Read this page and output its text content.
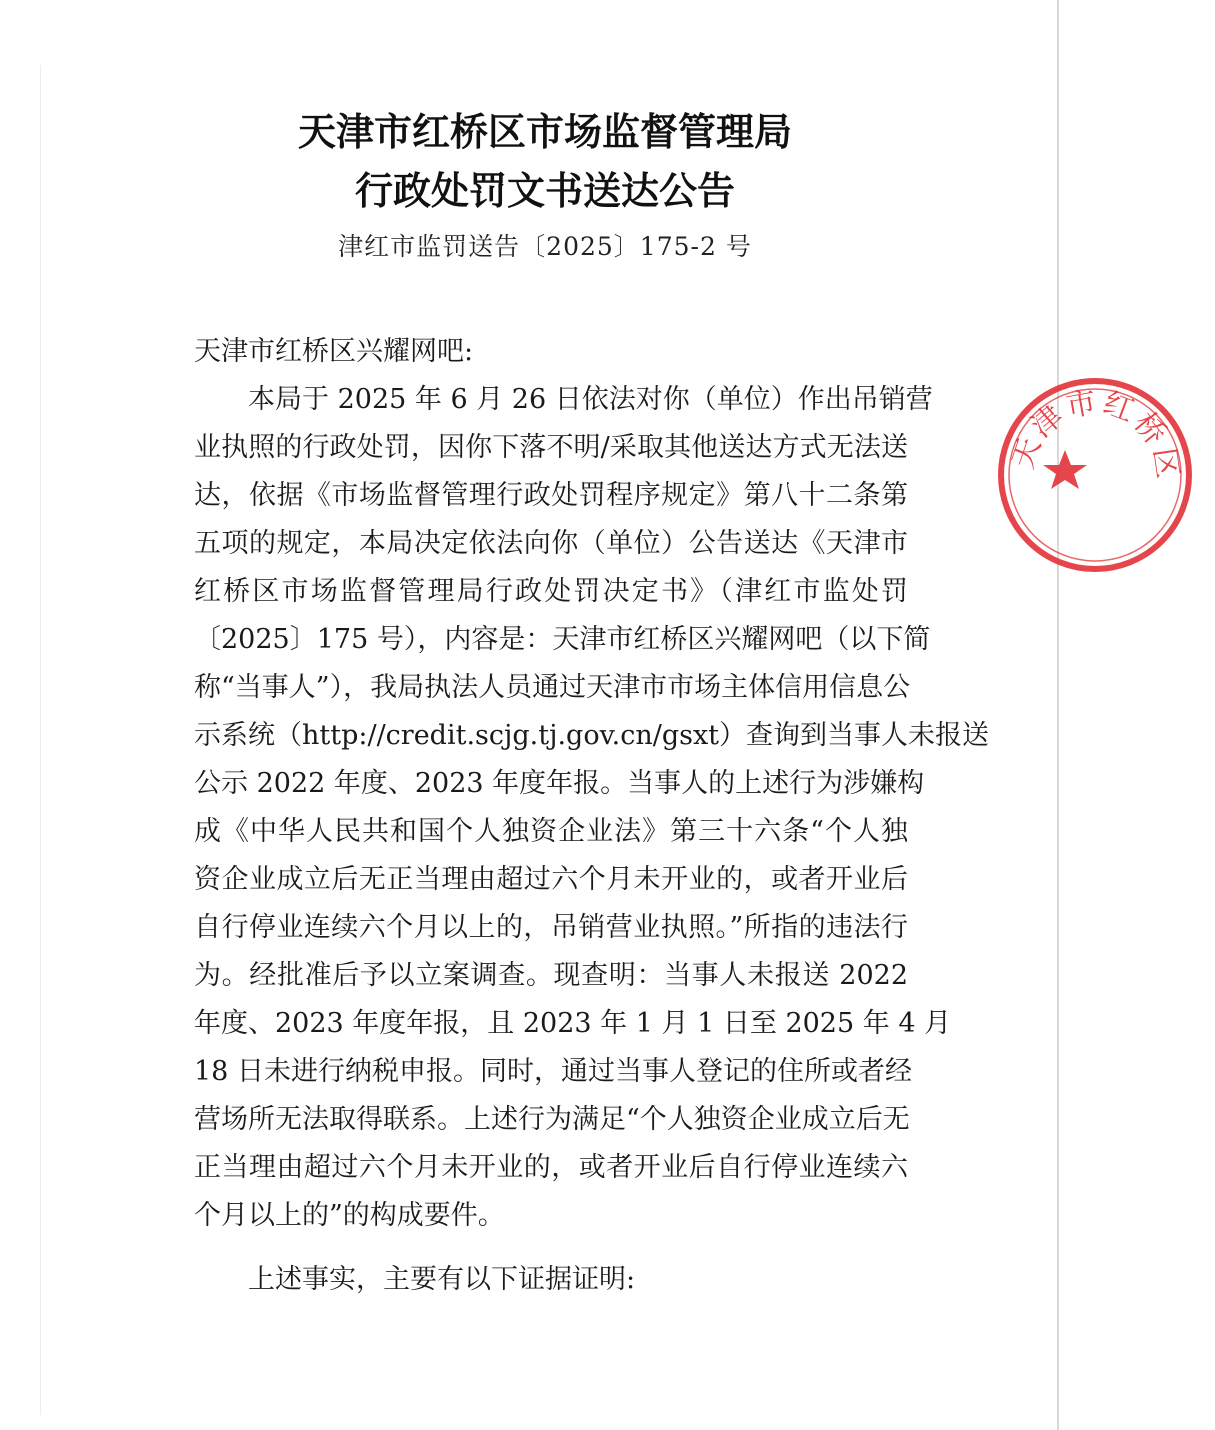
天津市红桥区市场监督管理局
行政处罚文书送达公告
津红市监罚送告〔2025〕175-2 号
天津市红桥区兴耀网吧:
本局于 2025 年 6 月 26 日依法对你（单位）作出吊销营
业执照的行政处罚，因你下落不明/采取其他送达方式无法送
达，依据《市场监督管理行政处罚程序规定》第八十二条第
五项的规定，本局决定依法向你（单位）公告送达《天津市
红桥区市场监督管理局行政处罚决定书》（津红市监处罚
〔2025〕175 号），内容是：天津市红桥区兴耀网吧（以下简
称“当事人”），我局执法人员通过天津市市场主体信用信息公
示系统（http://credit.scjg.tj.gov.cn/gsxt）查询到当事人未报送
公示 2022 年度、2023 年度年报。当事人的上述行为涉嫌构
成《中华人民共和国个人独资企业法》第三十六条“个人独
资企业成立后无正当理由超过六个月未开业的，或者开业后
自行停业连续六个月以上的，吊销营业执照。”所指的违法行
为。经批准后予以立案调查。现查明：当事人未报送 2022
年度、2023 年度年报，且 2023 年 1 月 1 日至 2025 年 4 月
18 日未进行纳税申报。同时，通过当事人登记的住所或者经
营场所无法取得联系。上述行为满足“个人独资企业成立后无
正当理由超过六个月未开业的，或者开业后自行停业连续六
个月以上的”的构成要件。
上述事实，主要有以下证据证明:
天津市红桥区
